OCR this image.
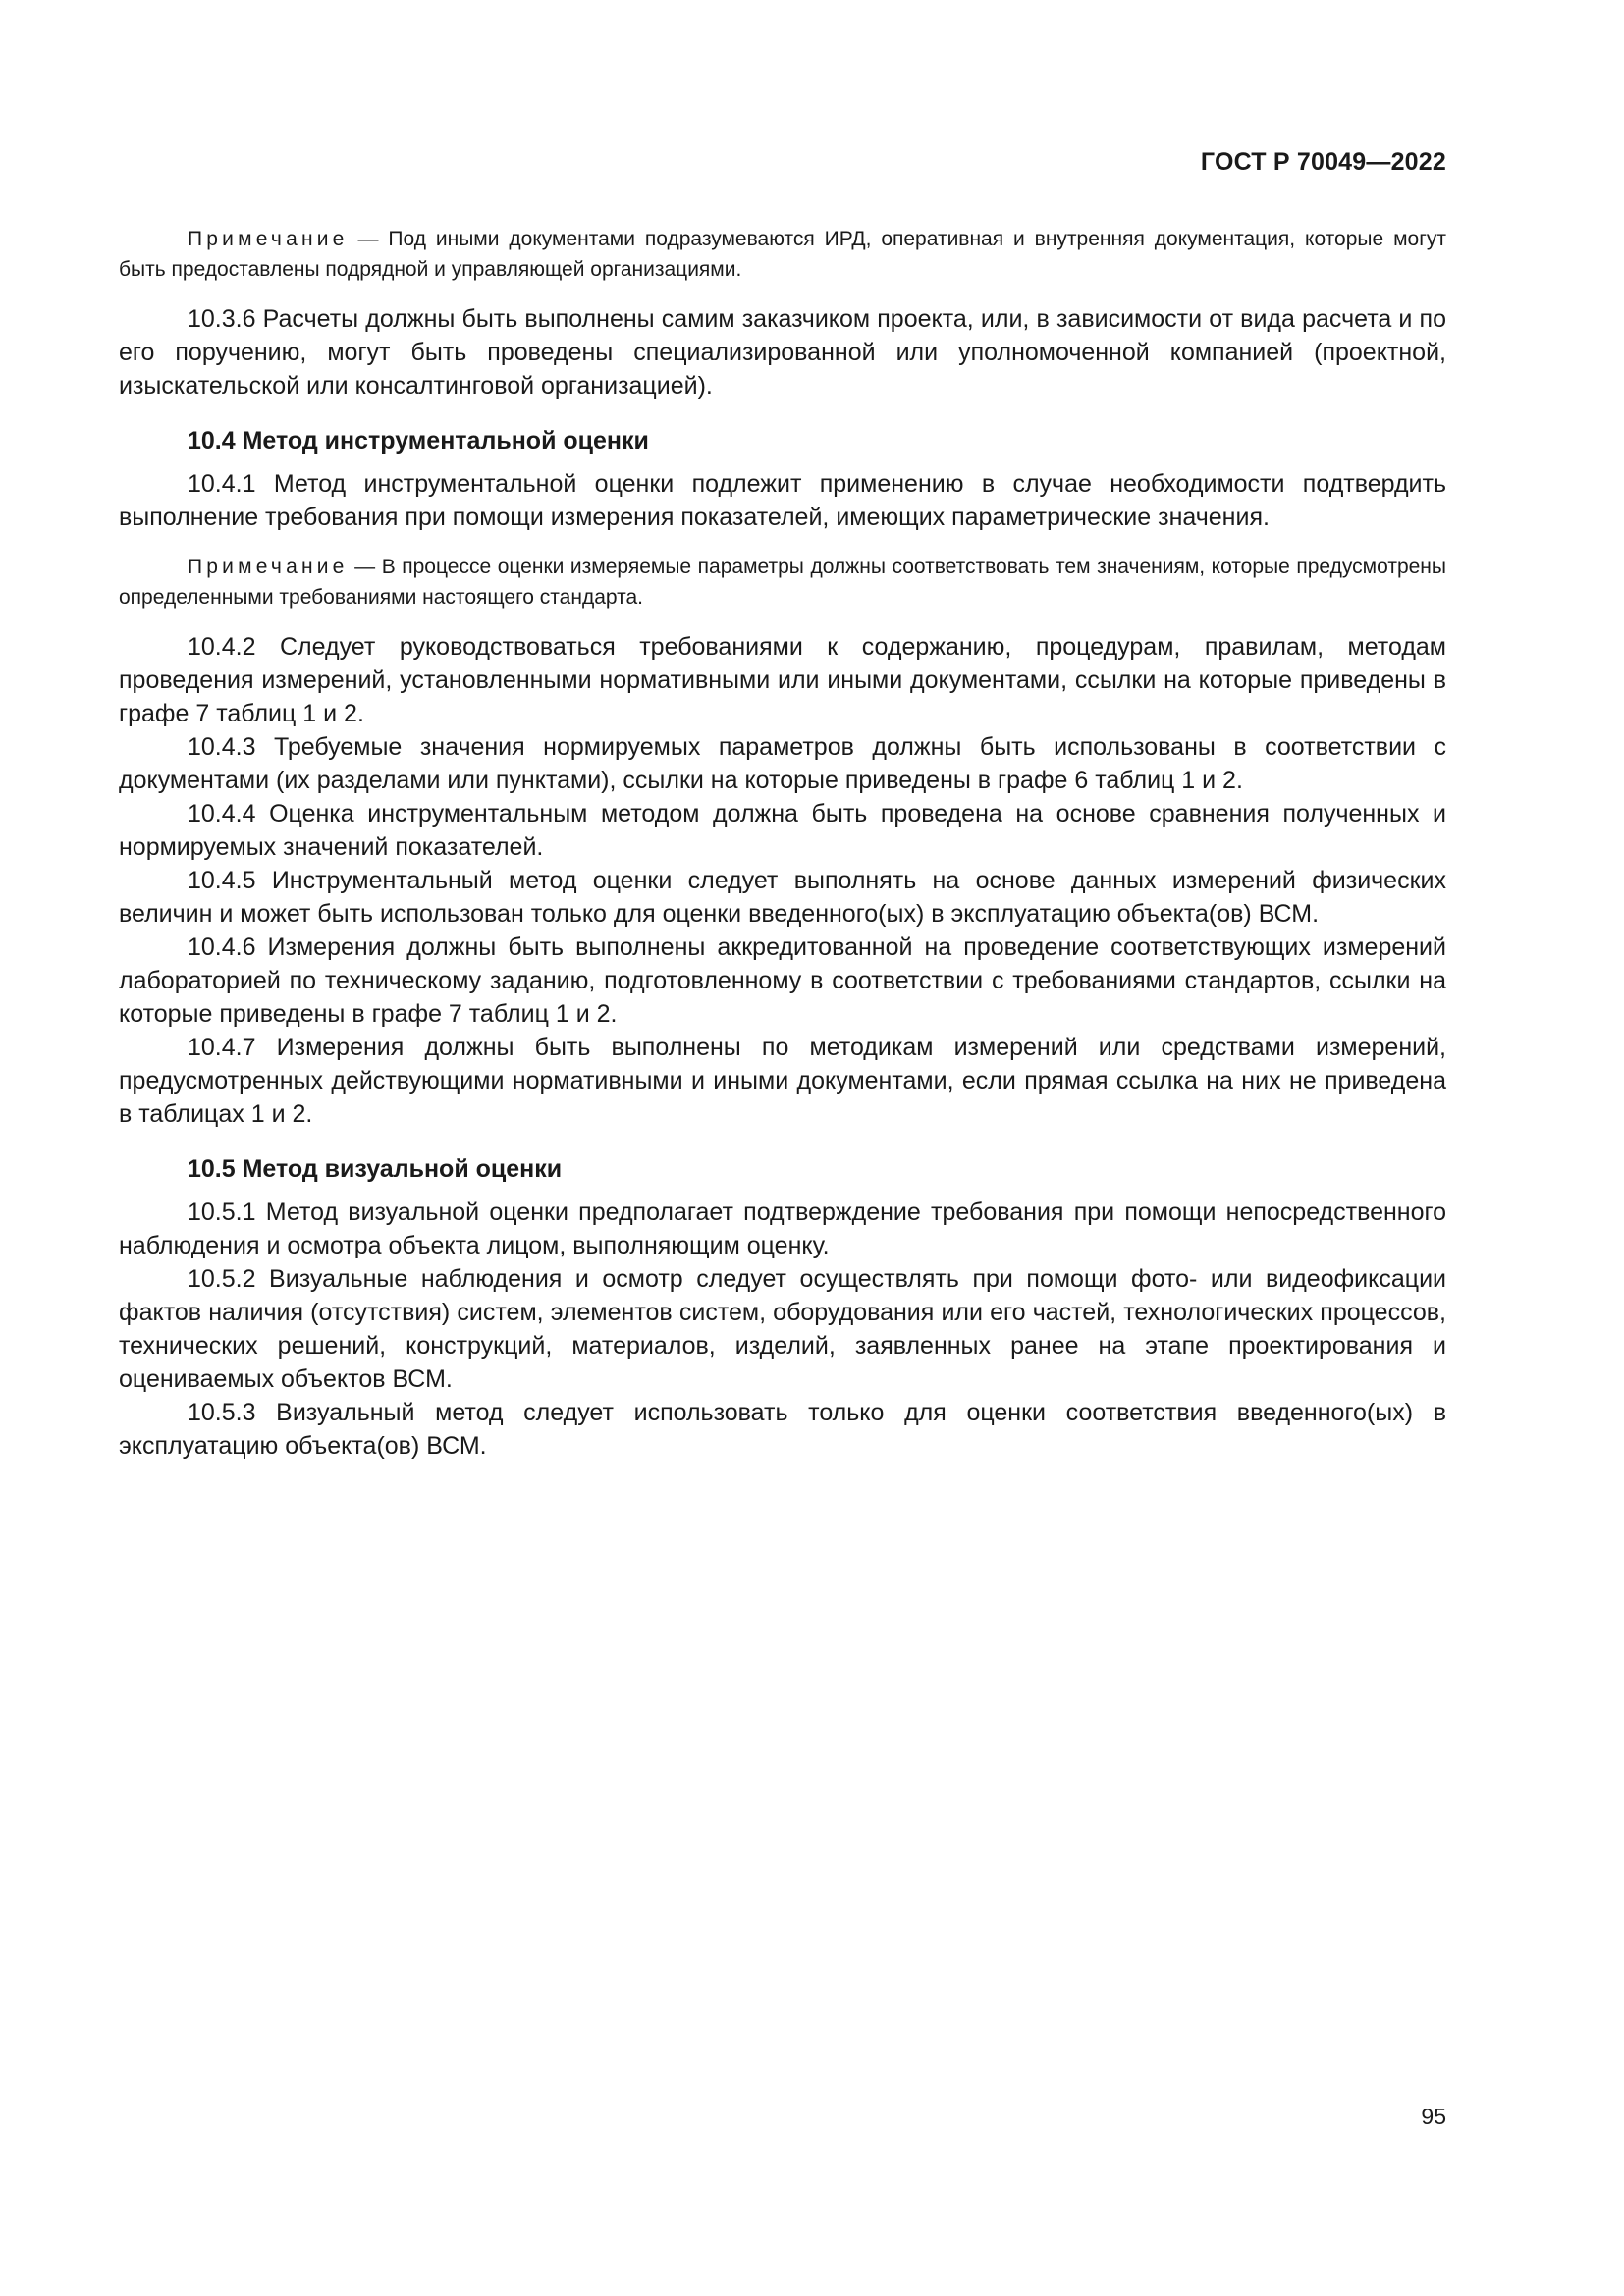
ГОСТ Р 70049—2022

Примечание — Под иными документами подразумеваются ИРД, оперативная и внутренняя документация, которые могут быть предоставлены подрядной и управляющей организациями.

10.3.6 Расчеты должны быть выполнены самим заказчиком проекта, или, в зависимости от вида расчета и по его поручению, могут быть проведены специализированной или уполномоченной компанией (проектной, изыскательской или консалтинговой организацией).

10.4 Метод инструментальной оценки

10.4.1 Метод инструментальной оценки подлежит применению в случае необходимости подтвердить выполнение требования при помощи измерения показателей, имеющих параметрические значения.

Примечание — В процессе оценки измеряемые параметры должны соответствовать тем значениям, которые предусмотрены определенными требованиями настоящего стандарта.

10.4.2 Следует руководствоваться требованиями к содержанию, процедурам, правилам, методам проведения измерений, установленными нормативными или иными документами, ссылки на которые приведены в графе 7 таблиц 1 и 2.

10.4.3 Требуемые значения нормируемых параметров должны быть использованы в соответствии с документами (их разделами или пунктами), ссылки на которые приведены в графе 6 таблиц 1 и 2.

10.4.4 Оценка инструментальным методом должна быть проведена на основе сравнения полученных и нормируемых значений показателей.

10.4.5 Инструментальный метод оценки следует выполнять на основе данных измерений физических величин и может быть использован только для оценки введенного(ых) в эксплуатацию объекта(ов) ВСМ.

10.4.6 Измерения должны быть выполнены аккредитованной на проведение соответствующих измерений лабораторией по техническому заданию, подготовленному в соответствии с требованиями стандартов, ссылки на которые приведены в графе 7 таблиц 1 и 2.

10.4.7 Измерения должны быть выполнены по методикам измерений или средствами измерений, предусмотренных действующими нормативными и иными документами, если прямая ссылка на них не приведена в таблицах 1 и 2.

10.5 Метод визуальной оценки

10.5.1 Метод визуальной оценки предполагает подтверждение требования при помощи непосредственного наблюдения и осмотра объекта лицом, выполняющим оценку.

10.5.2 Визуальные наблюдения и осмотр следует осуществлять при помощи фото- или видеофиксации фактов наличия (отсутствия) систем, элементов систем, оборудования или его частей, технологических процессов, технических решений, конструкций, материалов, изделий, заявленных ранее на этапе проектирования и оцениваемых объектов ВСМ.

10.5.3 Визуальный метод следует использовать только для оценки соответствия введенного(ых) в эксплуатацию объекта(ов) ВСМ.

95
